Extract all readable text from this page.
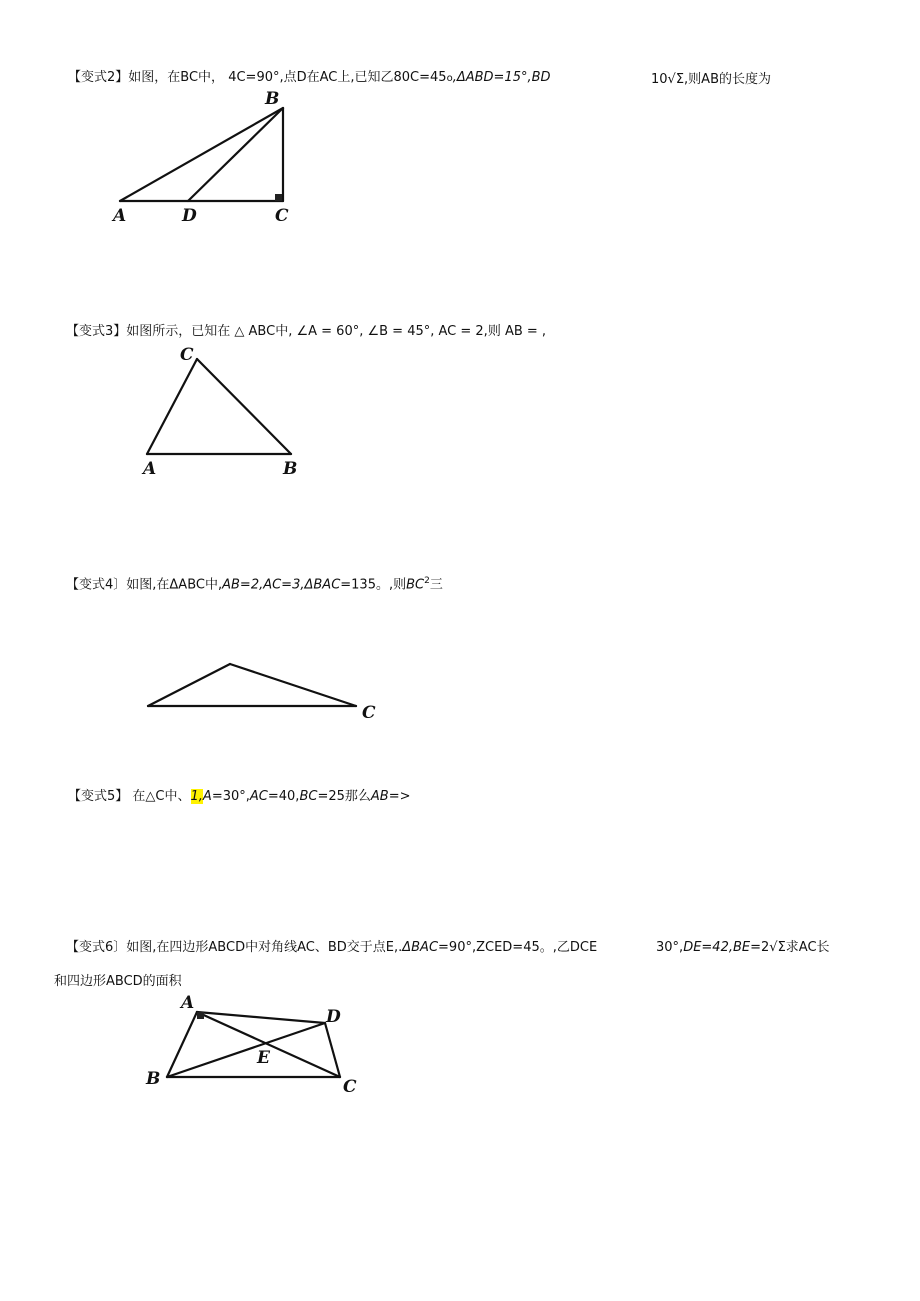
【变式2】如图，在BC中， 4C=90°,点D在AC上,已知乙80C=45o,ΔABD=15°,BD	10√Σ,则AB的长度为
B
A	D	C
【变式3】如图所示，已知在 △ ABC中, ∠A = 60°, ∠B = 45°, AC = 2,则 AB = ,
C
A	B
【变式4〕如图,在ΔABC中,AB=2,AC=3,ΔBAC=135。,则$BC^2$三
C
【变式5】 在△C中、1,A=30°,AC=40,BC=25那么AB=>
【变式6〕如图,在四边形ABCD中对角线AC、BD交于点E,.ΔBAC=90°,ZCED=45。,乙DCE	30°,DE=42,BE=2√Σ求AC长
和四边形ABCD的面积
A
D
E
B	C
